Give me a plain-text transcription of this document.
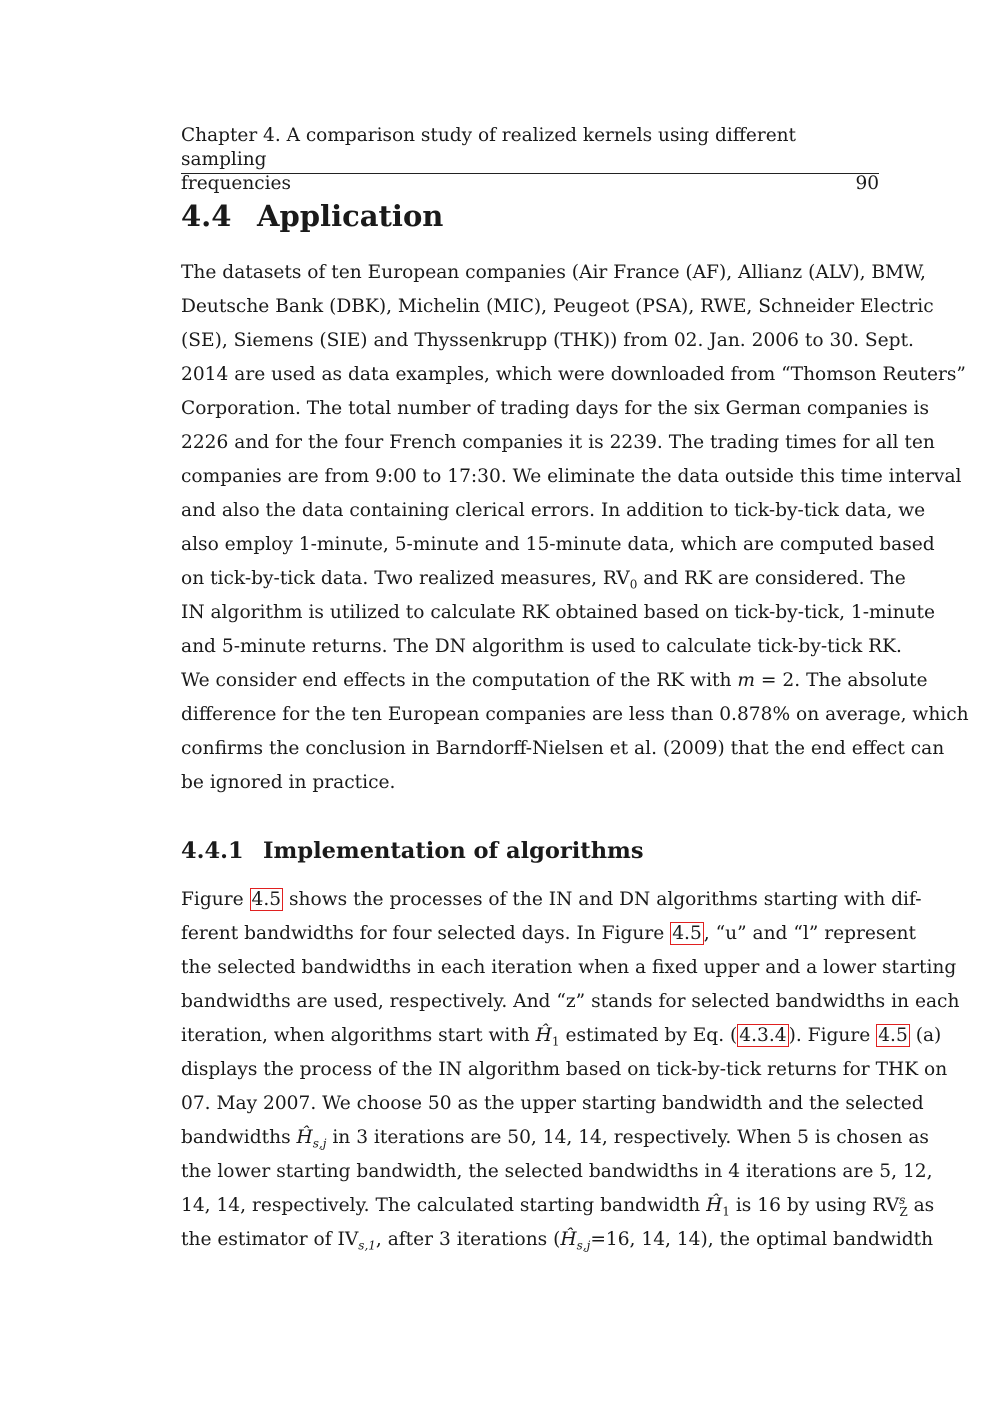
Chapter 4. A comparison study of realized kernels using different sampling
frequencies	90
4.4 Application

The datasets of ten European companies (Air France (AF), Allianz (ALV), BMW,
Deutsche Bank (DBK), Michelin (MIC), Peugeot (PSA), RWE, Schneider Electric
(SE), Siemens (SIE) and Thyssenkrupp (THK)) from 02. Jan. 2006 to 30. Sept.
2014 are used as data examples, which were downloaded from “Thomson Reuters”
Corporation. The total number of trading days for the six German companies is
2226 and for the four French companies it is 2239. The trading times for all ten
companies are from 9:00 to 17:30. We eliminate the data outside this time interval
and also the data containing clerical errors. In addition to tick-by-tick data, we
also employ 1-minute, 5-minute and 15-minute data, which are computed based
on tick-by-tick data. Two realized measures, $RV_0$ and RK are considered. The
IN algorithm is utilized to calculate RK obtained based on tick-by-tick, 1-minute
and 5-minute returns. The DN algorithm is used to calculate tick-by-tick RK.
We consider end effects in the computation of the RK with m = 2. The absolute
difference for the ten European companies are less than 0.878% on average, which
confirms the conclusion in Barndorff-Nielsen et al. (2009) that the end effect can
be ignored in practice.

4.4.1 Implementation of algorithms

Figure 4.5 shows the processes of the IN and DN algorithms starting with dif-
ferent bandwidths for four selected days. In Figure 4.5 , “u” and “l” represent
the selected bandwidths in each iteration when a fixed upper and a lower starting
bandwidths are used, respectively. And “z” stands for selected bandwidths in each
iteration, when algorithms start with $Ĥ_1$ estimated by Eq. ( 4.3.4 ). Figure 4.5 (a)
displays the process of the IN algorithm based on tick-by-tick returns for THK on
07. May 2007. We choose 50 as the upper starting bandwidth and the selected
bandwidths $Ĥ_{s,j}$ in 3 iterations are 50, 14, 14, respectively. When 5 is chosen as
the lower starting bandwidth, the selected bandwidths in 4 iterations are 5, 12,
14, 14, respectively. The calculated starting bandwidth $Ĥ_1$ is 16 by using $RV^s_Z$ as
the estimator of $IV_{s,1}$, after 3 iterations ($Ĥ_{s,j}=16$, 14, 14), the optimal bandwidth
